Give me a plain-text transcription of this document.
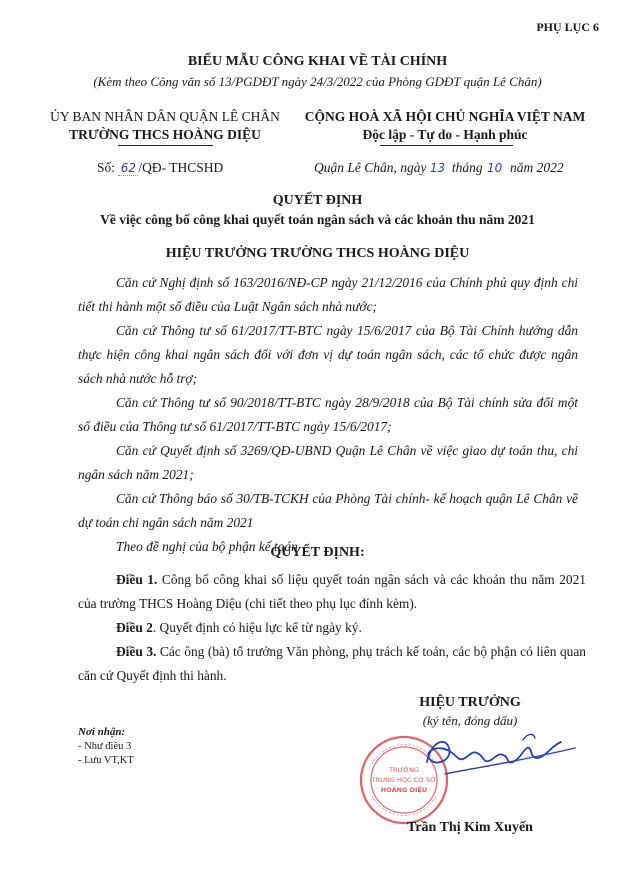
PHỤ LỤC 6
BIỂU MẪU CÔNG KHAI VỀ TÀI CHÍNH
(Kèm theo Công văn số 13/PGDĐT ngày 24/3/2022 của Phòng GDĐT quận Lê Chân)
ỦY BAN NHÂN DÂN QUẬN LÊ CHÂN
TRƯỜNG THCS HOÀNG DIỆU
Số: 62 /QĐ- THCSHD
CỘNG HOÀ XÃ HỘI CHỦ NGHĨA VIỆT NAM
Độc lập - Tự do - Hạnh phúc
Quận Lê Chân, ngày 13 tháng 10 năm 2022
QUYẾT ĐỊNH
Về việc công bố công khai quyết toán ngân sách và các khoản thu năm 2021
HIỆU TRƯỞNG TRƯỜNG THCS HOÀNG DIỆU

Căn cứ Nghị định số 163/2016/NĐ-CP ngày 21/12/2016 của Chính phủ quy định chi tiết thi hành một số điều của Luật Ngân sách nhà nước;

Căn cứ Thông tư số 61/2017/TT-BTC ngày 15/6/2017 của Bộ Tài Chính hướng dẫn thực hiện công khai ngân sách đối với đơn vị dự toán ngân sách, các tổ chức được ngân sách nhà nước hỗ trợ;

Căn cứ Thông tư số 90/2018/TT-BTC ngày 28/9/2018 của Bộ Tài chính sửa đổi một số điều của Thông tư số 61/2017/TT-BTC ngày 15/6/2017;

Căn cứ Quyết định số 3269/QĐ-UBND Quận Lê Chân về việc giao dự toán thu, chi ngân sách năm 2021;

Căn cứ Thông báo số 30/TB-TCKH của Phòng Tài chính- kế hoạch quận Lê Chân về dự toán chi ngân sách năm 2021

Theo đề nghị của bộ phận kế toán

QUYẾT ĐỊNH:

Điều 1. Công bố công khai số liệu quyết toán ngân sách và các khoản thu năm 2021 của trường THCS Hoàng Diệu (chi tiết theo phụ lục đính kèm).

Điều 2. Quyết định có hiệu lực kể từ ngày ký.

Điều 3. Các ông (bà) tổ trưởng Văn phòng, phụ trách kế toán, các bộ phận có liên quan căn cứ Quyết định thi hành.

Nơi nhận:
- Như điều 3
- Lưu VT,KT
HIỆU TRƯỞNG
(ký tên, đóng dấu)
TRƯỜNG
TRUNG HỌC CƠ SỞ
HOÀNG DIỆU
Trần Thị Kim Xuyến
